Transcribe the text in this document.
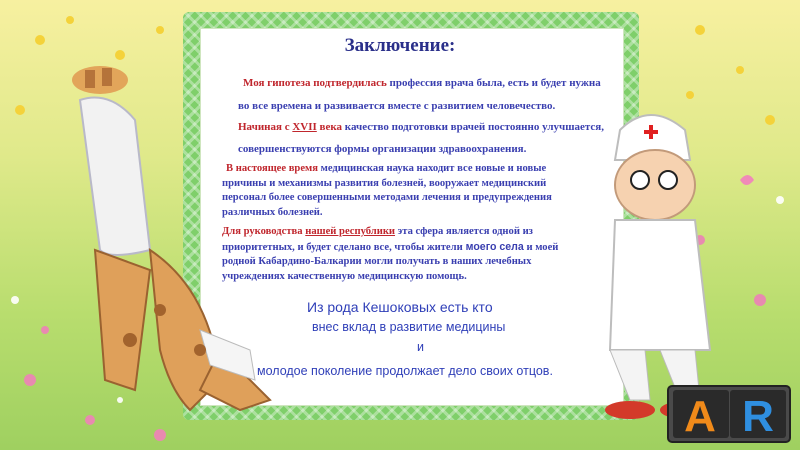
Заключение:
Моя гипотеза подтвердилась профессия врача была, есть и будет нужна
во все времена и развивается вместе с развитием человечество.
Начиная с XVII века качество подготовки врачей постоянно улучшается,
совершенствуются формы организации здравоохранения.
В настоящее время медицинская наука находит все новые и новые
причины и механизмы развития болезней, вооружает медицинский
персонал более совершенными методами лечения и предупреждения
различных болезней.
Для руководства нашей республики эта сфера является одной из
приоритетных, и будет сделано все, чтобы жители моего села и моей
родной Кабардино-Балкарии могли получать в наших лечебных
учреждениях качественную медицинскую помощь.
Из рода Кешоковых есть кто
внес вклад в развитие медицины
и
молодое поколение продолжает дело своих отцов.
A R
